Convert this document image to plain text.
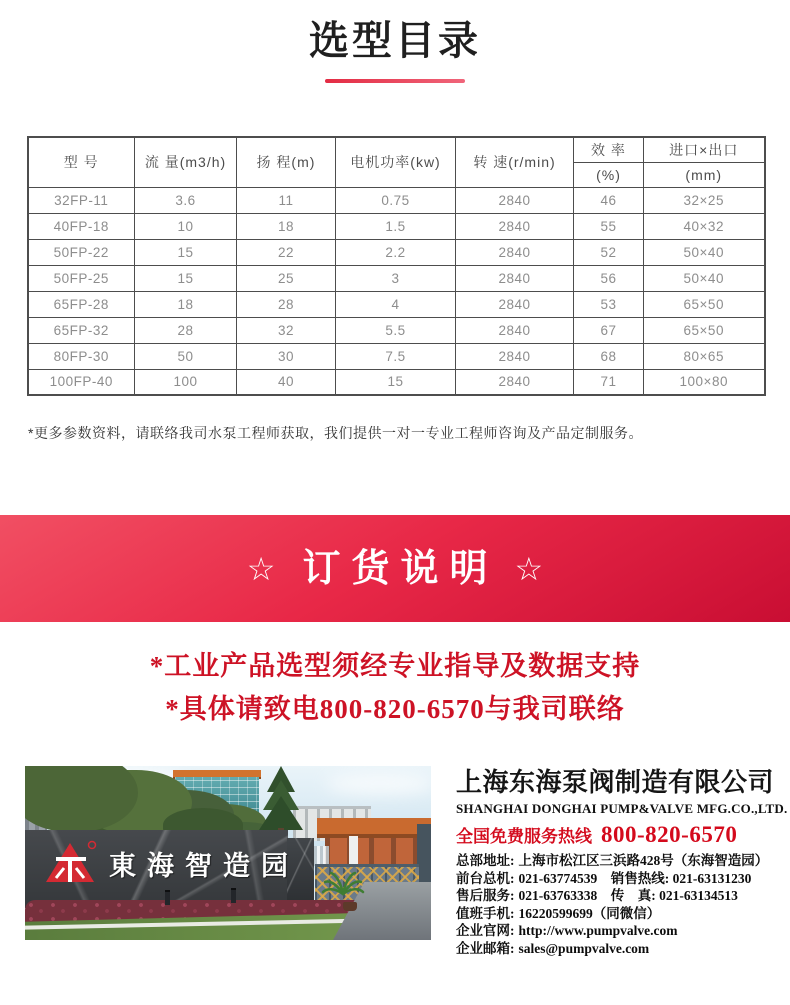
选型目录
型 号	流 量(m3/h)	扬 程(m)	电机功率(kw)	转 速(r/min)	效 率	进口×出口
					(%)	(mm)
32FP-11	3.6	11	0.75	2840	46	32×25
40FP-18	10	18	1.5	2840	55	40×32
50FP-22	15	22	2.2	2840	52	50×40
50FP-25	15	25	3	2840	56	50×40
65FP-28	18	28	4	2840	53	65×50
65FP-32	28	32	5.5	2840	67	65×50
80FP-30	50	30	7.5	2840	68	80×65
100FP-40	100	40	15	2840	71	100×80

*更多参数资料，请联络我司水泵工程师获取，我们提供一对一专业工程师咨询及产品定制服务。

☆ 订货说明 ☆
*工业产品选型须经专业指导及数据支持
*具体请致电800-820-6570与我司联络
東海智造园
上海东海泵阀制造有限公司
SHANGHAI DONGHAI PUMP&VALVE MFG.CO.,LTD.
全国免费服务热线 800-820-6570
总部地址: 上海市松江区三浜路428号（东海智造园）
前台总机: 021-63774539　销售热线: 021-63131230
售后服务: 021-63763338　传　真: 021-63134513
值班手机: 16220599699（同微信）
企业官网: http://www.pumpvalve.com
企业邮箱: sales@pumpvalve.com
